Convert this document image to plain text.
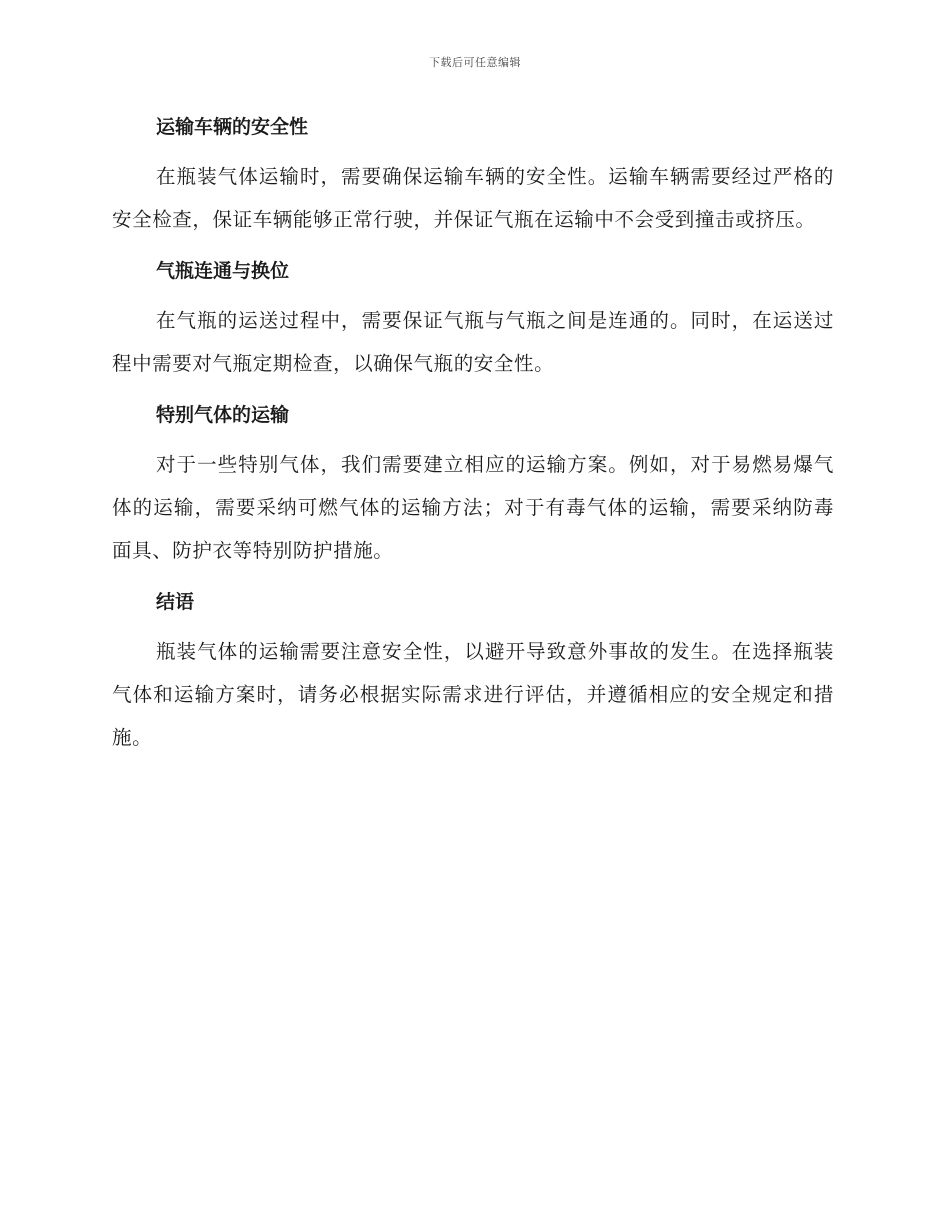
下载后可任意编辑
运输车辆的安全性

在瓶装气体运输时，需要确保运输车辆的安全性。运输车辆需要经过严格的安全检查，保证车辆能够正常行驶，并保证气瓶在运输中不会受到撞击或挤压。

气瓶连通与换位

在气瓶的运送过程中，需要保证气瓶与气瓶之间是连通的。同时，在运送过程中需要对气瓶定期检查，以确保气瓶的安全性。

特别气体的运输

对于一些特别气体，我们需要建立相应的运输方案。例如，对于易燃易爆气体的运输，需要采纳可燃气体的运输方法；对于有毒气体的运输，需要采纳防毒面具、防护衣等特别防护措施。

结语

瓶装气体的运输需要注意安全性，以避开导致意外事故的发生。在选择瓶装气体和运输方案时，请务必根据实际需求进行评估，并遵循相应的安全规定和措施。
